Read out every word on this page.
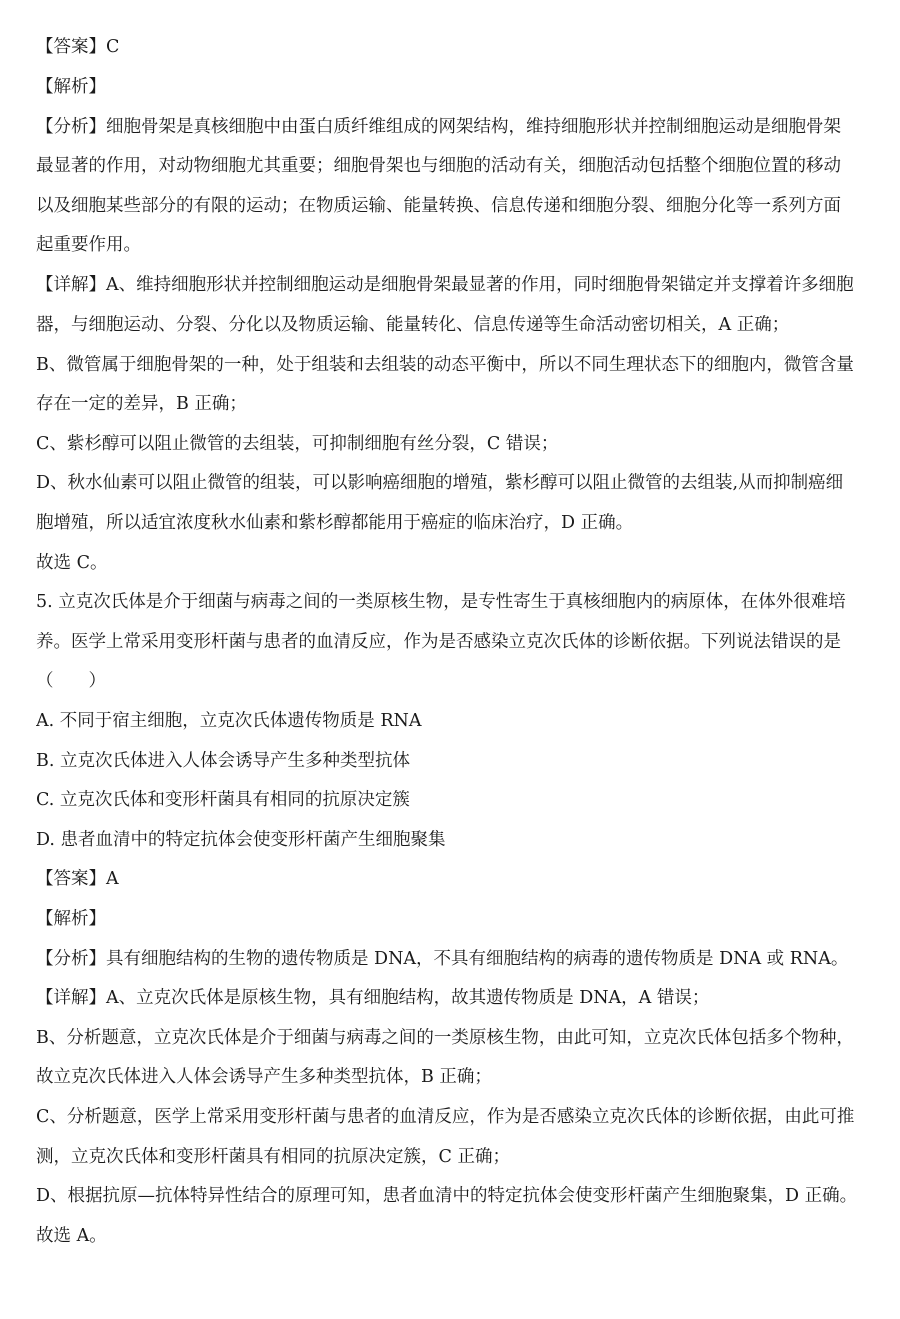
【答案】C
【解析】
【分析】细胞骨架是真核细胞中由蛋白质纤维组成的网架结构，维持细胞形状并控制细胞运动是细胞骨架
最显著的作用，对动物细胞尤其重要；细胞骨架也与细胞的活动有关，细胞活动包括整个细胞位置的移动
以及细胞某些部分的有限的运动；在物质运输、能量转换、信息传递和细胞分裂、细胞分化等一系列方面
起重要作用。
【详解】A、维持细胞形状并控制细胞运动是细胞骨架最显著的作用，同时细胞骨架锚定并支撑着许多细胞
器，与细胞运动、分裂、分化以及物质运输、能量转化、信息传递等生命活动密切相关，A 正确；
B、微管属于细胞骨架的一种，处于组装和去组装的动态平衡中，所以不同生理状态下的细胞内，微管含量
存在一定的差异，B 正确；
C、紫杉醇可以阻止微管的去组装，可抑制细胞有丝分裂，C 错误；
D、秋水仙素可以阻止微管的组装，可以影响癌细胞的增殖，紫杉醇可以阻止微管的去组装,从而抑制癌细
胞增殖，所以适宜浓度秋水仙素和紫杉醇都能用于癌症的临床治疗，D 正确。
故选 C。
5. 立克次氏体是介于细菌与病毒之间的一类原核生物，是专性寄生于真核细胞内的病原体，在体外很难培
养。医学上常采用变形杆菌与患者的血清反应，作为是否感染立克次氏体的诊断依据。下列说法错误的是
（　　）
A. 不同于宿主细胞，立克次氏体遗传物质是 RNA
B. 立克次氏体进入人体会诱导产生多种类型抗体
C. 立克次氏体和变形杆菌具有相同的抗原决定簇
D. 患者血清中的特定抗体会使变形杆菌产生细胞聚集
【答案】A
【解析】
【分析】具有细胞结构的生物的遗传物质是 DNA，不具有细胞结构的病毒的遗传物质是 DNA 或 RNA。
【详解】A、立克次氏体是原核生物，具有细胞结构，故其遗传物质是 DNA，A 错误；
B、分析题意，立克次氏体是介于细菌与病毒之间的一类原核生物，由此可知，立克次氏体包括多个物种，
故立克次氏体进入人体会诱导产生多种类型抗体，B 正确；
C、分析题意，医学上常采用变形杆菌与患者的血清反应，作为是否感染立克次氏体的诊断依据，由此可推
测，立克次氏体和变形杆菌具有相同的抗原决定簇，C 正确；
D、根据抗原—抗体特异性结合的原理可知，患者血清中的特定抗体会使变形杆菌产生细胞聚集，D 正确。
故选 A。
